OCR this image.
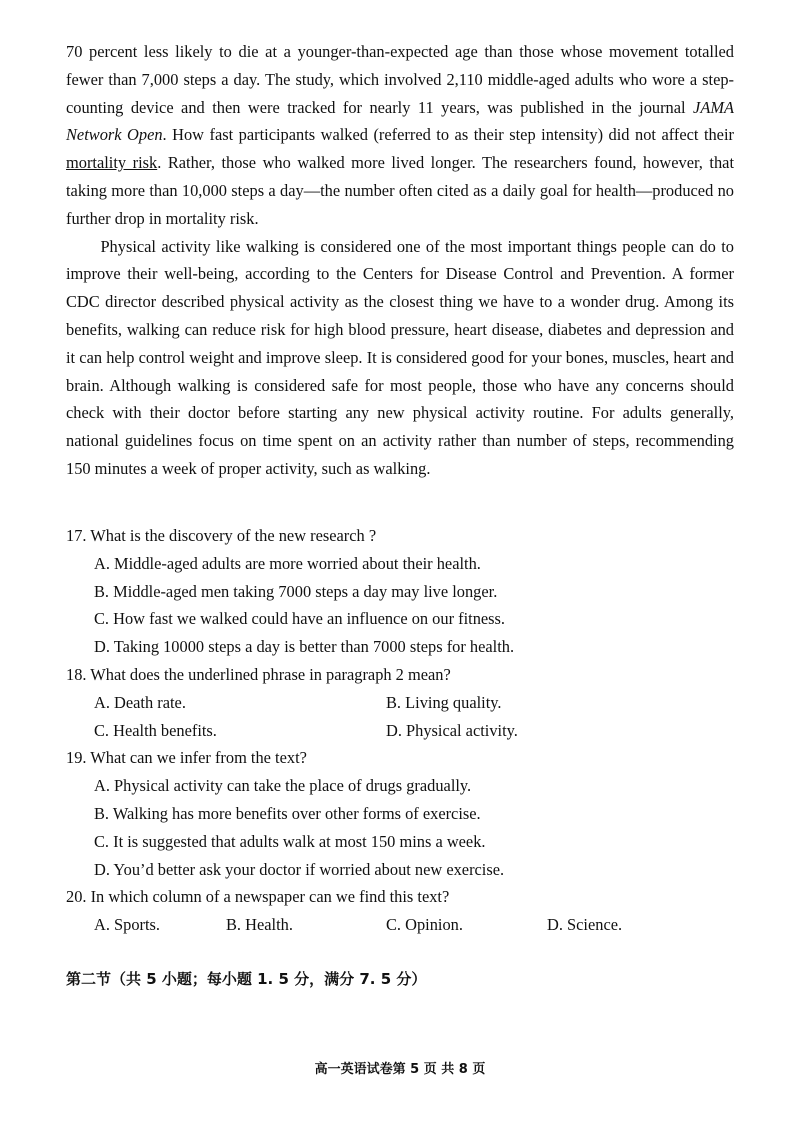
70 percent less likely to die at a younger-than-expected age than those whose movement totalled fewer than 7,000 steps a day. The study, which involved 2,110 middle-aged adults who wore a step-counting device and then were tracked for nearly 11 years, was published in the journal JAMA Network Open. How fast participants walked (referred to as their step intensity) did not affect their mortality risk. Rather, those who walked more lived longer. The researchers found, however, that taking more than 10,000 steps a day—the number often cited as a daily goal for health—produced no further drop in mortality risk.

Physical activity like walking is considered one of the most important things people can do to improve their well-being, according to the Centers for Disease Control and Prevention. A former CDC director described physical activity as the closest thing we have to a wonder drug. Among its benefits, walking can reduce risk for high blood pressure, heart disease, diabetes and depression and it can help control weight and improve sleep. It is considered good for your bones, muscles, heart and brain. Although walking is considered safe for most people, those who have any concerns should check with their doctor before starting any new physical activity routine. For adults generally, national guidelines focus on time spent on an activity rather than number of steps, recommending 150 minutes a week of proper activity, such as walking.

17. What is the discovery of the new research ?

A. Middle-aged adults are more worried about their health.

B. Middle-aged men taking 7000 steps a day may live longer.

C. How fast we walked could have an influence on our fitness.

D. Taking 10000 steps a day is better than 7000 steps for health.

18. What does the underlined phrase in paragraph 2 mean?

A. Death rate.	B. Living quality.
C. Health benefits.	D. Physical activity.

19. What can we infer from the text?

A. Physical activity can take the place of drugs gradually.

B. Walking has more benefits over other forms of exercise.

C. It is suggested that adults walk at most 150 mins a week.

D. You’d better ask your doctor if worried about new exercise.

20. In which column of a newspaper can we find this text?

A. Sports.	B. Health.	C. Opinion.	D. Science.
第二节（共 5 小题；每小题 1. 5 分，满分 7. 5 分）
高一英语试卷第 5 页 共 8 页
